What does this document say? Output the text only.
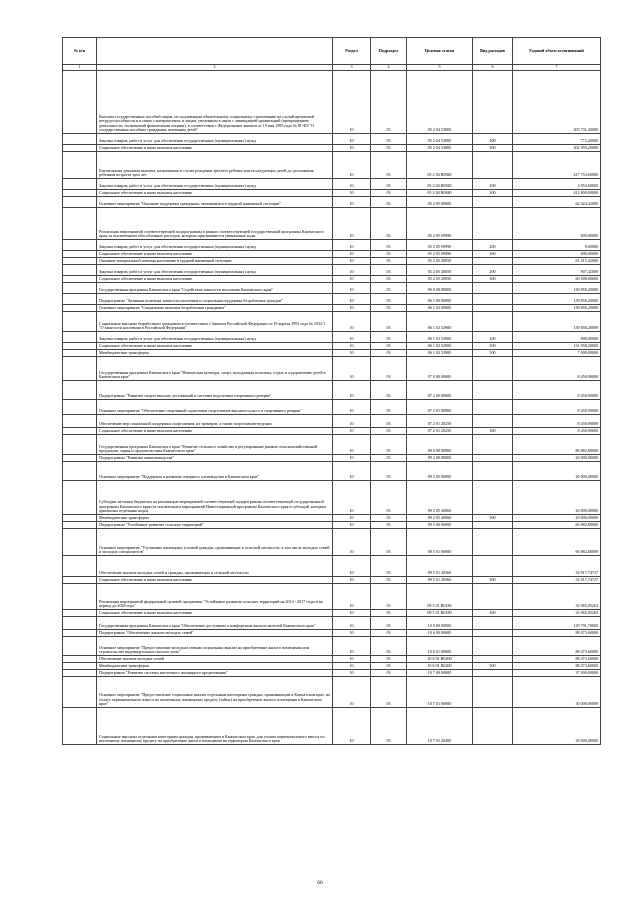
№ п/п		Раздел	Подраздел	Целевая статья	Вид расходов	Годовой объем ассигнований
1	2	3	4	5	6	7
	Выплата государственных пособий лицам, не подлежащим обязательному социальному страхованию на случай временной нетрудоспособности и в связи с материнством, и лицам, уволенным в связи с ликвидацией организаций (прекращением деятельности, полномочий физическими лицами), в соответствии с Федеральным законом от 19 мая 1995 года № 81-ФЗ "О государственных пособиях гражданам, имеющим детей"	10	03	05 2 04 53800		203 731,40000
	Закупка товаров, работ и услуг для обеспечения государственных (муниципальных) нужд	10	03	05 2 04 53800	200	772,20000
	Социальное обеспечение и иные выплаты населению	10	03	05 2 04 53800	300	202 959,20000
	Ежемесячная денежная выплата, назначаемая в случае рождения третьего ребенка или последующих детей до достижения ребенком возраста трех лет	10	03	05 2 04 R0840		417 753,60000
	Закупка товаров, работ и услуг для обеспечения государственных (муниципальных) нужд	10	03	05 2 04 R0840	200	4 953,60000
	Социальное обеспечение и иные выплаты населению	10	03	05 2 04 R0840	300	412 800,00000
	Основное мероприятие "Оказание поддержки гражданам, оказавшимся в трудной жизненной ситуации"	10	03	05 2 05 00000		62 024,42000
	Реализация мероприятий соответствующей подпрограммы в рамках соответствующей государственной программы Камчатского края, за исключением обособленных расходов, которым присваиваются уникальные коды	10	03	05 2 05 09990		699,00000
	Закупка товаров, работ и услуг для обеспечения государственных (муниципальных) нужд	10	03	05 2 05 09990	200	9,00000
	Социальное обеспечение и иные выплаты населению	10	03	05 2 05 09990	300	690,00000
	Оказание материальной помощи населению в трудной жизненной ситуации	10	03	05 2 05 20050		61 415,42000
	Закупка товаров, работ и услуг для обеспечения государственных (муниципальных) нужд	10	03	05 2 05 20050	200	907,42000
	Социальное обеспечение и иные выплаты населению	10	03	05 2 05 20050	300	60 508,00000
	Государственная программа Камчатского края "Содействие занятости населения Камчатского края"	10	03	06 0 00 00000		139 858,20000
	Подпрограмма "Активная политика занятости населения и социальная поддержка безработных граждан"	10	03	06 1 00 00000		139 858,20000
	Основное мероприятие "Социальные выплаты безработным гражданам"	10	03	06 1 02 00000		139 858,20000
	Социальные выплаты безработным гражданам в соответствии с Законом Российской Федерации от 19 апреля 1991 года № 1032-1 "О занятости населения в Российской Федерации"	10	03	06 1 02 52900		139 858,20000
	Закупка товаров, работ и услуг для обеспечения государственных (муниципальных) нужд	10	03	06 1 02 52900	200	900,00000
	Социальное обеспечение и иные выплаты населению	10	03	06 1 02 52900	300	131 958,20000
	Межбюджетные трансферты	10	03	06 1 02 52900	500	7 000,00000
	Государственная программа Камчатского края "Физическая культура, спорт, молодежная политика, отдых и оздоровление детей в Камчатском крае"	10	03	07 0 00 00000		8 450,90000
	Подпрограмма "Развитие спорта высших достижений и системы подготовки спортивного резерва"	10	03	07 2 00 00000		8 450,90000
	Основное мероприятие "Обеспечение спортивной подготовки спортсменов высокого класса и спортивного резерва"	10	03	07 2 01 00000		8 450,90000
	Обеспечение мер социальной поддержки спортсменов, их тренеров, а также спортсменов-ведущих	10	03	07 2 01 20250		8 450,90000
	Социальное обеспечение и иные выплаты населению	10	03	07 2 01 20250	300	8 450,90000
	Государственная программа Камчатского края "Развитие сельского хозяйства и регулирование рынков сельскохозяйственной продукции, сырья и продовольствия Камчатского края"	10	03	09 0 00 00000		86 882,80000
	Подпрограмма "Развитие животноводства"	10	03	09 2 00 00000		20 000,00000
	Основное мероприятие "Поддержка и развитие северного оленеводства в Камчатском крае"	10	03	09 2 05 00000		20 000,00000
	Субсидии местным бюджетам на реализацию мероприятий соответствующей подпрограммы соответствующей государственной программы Камчатского края (за исключением мероприятий Инвестиционной программы Камчатского края и субсидий, которым присвоены отдельные коды)	10	03	09 2 05 40060		20 000,00000
	Межбюджетные трансферты	10	03	09 2 05 40060	500	20 000,00000
	Подпрограмма "Устойчивое развитие сельских территорий"	10	03	09 5 00 00000		66 882,80000
	Основное мероприятие "Улучшение жилищных условий граждан, проживающих в сельской местности, в том числе молодых семей и молодых специалистов"	10	03	09 5 01 00000		66 882,80000
	Обеспечение жильем молодых семей и граждан, проживающих в сельской местности	10	03	09 5 01 20360		32 917,74737
	Социальное обеспечение и иные выплаты населению	10	03	09 5 01 20360	300	32 917,74737
	Реализация мероприятий федеральной целевой программы "Устойчивое развитие сельских территорий на 2014 - 2017 годы и на период до 2020 года"	10	03	09 5 01 R0180		33 965,05263
	Социальное обеспечение и иные выплаты населению	10	03	09 5 01 R0180	300	33 965,05263
	Государственная программа Камчатского края "Обеспечение доступным и комфортным жильем жителей Камчатского края"	10	03	10 0 00 00000		129 791,70000
	Подпрограмма "Обеспечение жильем молодых семей"	10	03	10 6 00 00000		88 473,60000
	Основное мероприятие "Предоставление молодым семьям социальных выплат на приобретение жилого помещения или строительство индивидуального жилого дома"	10	03	10 6 01 00000		88 473,60000
	Обеспечение жильем молодых семей	10	03	10 6 01 R0200		88 473,60000
	Межбюджетные трансферты	10	03	10 6 01 R0200	500	88 473,60000
	Подпрограмма "Развитие системы ипотечного жилищного кредитования"	10	03	10 7 00 00000		37 000,00000
	Основное мероприятие "Предоставление социальных выплат отдельным категориям граждан, проживающим в Камчатском крае, на уплату первоначального взноса по ипотечному жилищному кредиту (займу) на приобретение жилого помещения в Камчатском крае"	10	03	10 7 01 00000		30 000,00000
	Социальные выплаты отдельным категориям граждан, проживающим в Камчатском крае, для уплаты первоначального взноса по ипотечному жилищному кредиту на приобретение жилого помещения на территории Камчатского края	10	03	10 7 01 20400		30 000,00000
66
